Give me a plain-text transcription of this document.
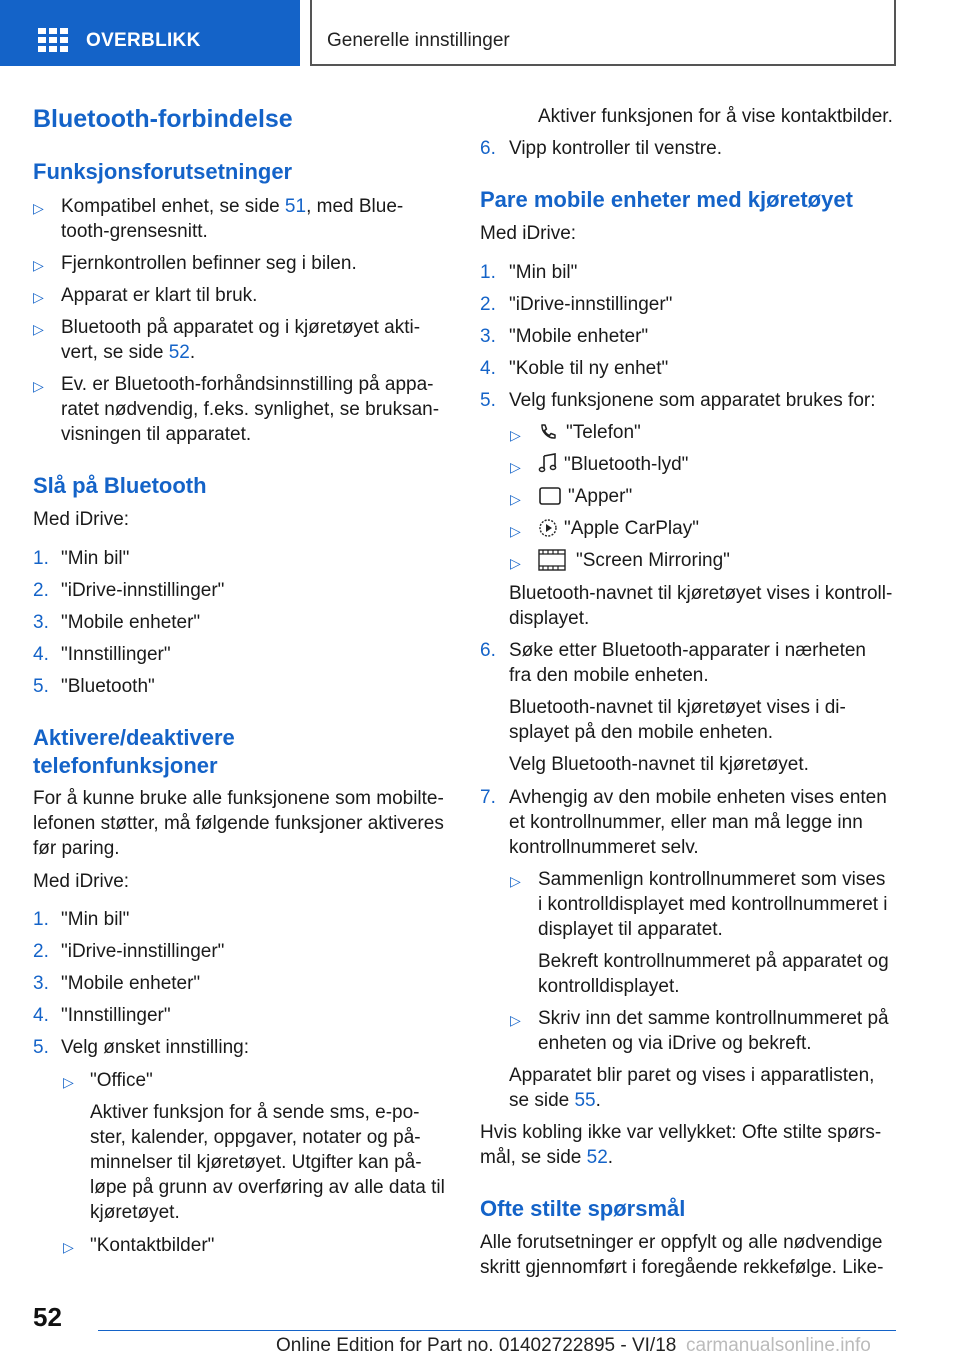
OVERBLIKK	Generelle innstillinger
Bluetooth-forbindelse
Funksjonsforutsetninger
▷ Kompatibel enhet, se side 51, med Blue-
tooth-grensesnitt.
▷ Fjernkontrollen befinner seg i bilen.
▷ Apparat er klart til bruk.
▷ Bluetooth på apparatet og i kjøretøyet akti-
vert, se side 52.
▷ Ev. er Bluetooth-forhåndsinnstilling på appa-
ratet nødvendig, f.eks. synlighet, se bruksan-
visningen til apparatet.
Slå på Bluetooth
Med iDrive:
1. "Min bil"
2. "iDrive-innstillinger"
3. "Mobile enheter"
4. "Innstillinger"
5. "Bluetooth"
Aktivere/deaktivere
telefonfunksjoner
For å kunne bruke alle funksjonene som mobilte-
lefonen støtter, må følgende funksjoner aktiveres
før paring.
Med iDrive:
1. "Min bil"
2. "iDrive-innstillinger"
3. "Mobile enheter"
4. "Innstillinger"
5. Velg ønsket innstilling:
▷ "Office"
Aktiver funksjon for å sende sms, e-po-
ster, kalender, oppgaver, notater og på-
minnelser til kjøretøyet. Utgifter kan på-
løpe på grunn av overføring av alle data til
kjøretøyet.
▷ "Kontaktbilder"
Aktiver funksjonen for å vise kontaktbilder.
6. Vipp kontroller til venstre.
Pare mobile enheter med kjøretøyet
Med iDrive:
1. "Min bil"
2. "iDrive-innstillinger"
3. "Mobile enheter"
4. "Koble til ny enhet"
5. Velg funksjonene som apparatet brukes for:
▷ "Telefon"
▷ "Bluetooth-lyd"
▷ "Apper"
▷ "Apple CarPlay"
▷	"Screen Mirroring"
Bluetooth-navnet til kjøretøyet vises i kontroll-
displayet.
6. Søke etter Bluetooth-apparater i nærheten
fra den mobile enheten.
Bluetooth-navnet til kjøretøyet vises i di-
splayet på den mobile enheten.
Velg Bluetooth-navnet til kjøretøyet.
7. Avhengig av den mobile enheten vises enten
et kontrollnummer, eller man må legge inn
kontrollnummeret selv.
▷ Sammenlign kontrollnummeret som vises
i kontrolldisplayet med kontrollnummeret i
displayet til apparatet.
Bekreft kontrollnummeret på apparatet og
kontrolldisplayet.
▷ Skriv inn det samme kontrollnummeret på
enheten og via iDrive og bekreft.
Apparatet blir paret og vises i apparatlisten,
se side 55.
Hvis kobling ikke var vellykket: Ofte stilte spørs-
mål, se side 52.
Ofte stilte spørsmål
Alle forutsetninger er oppfylt og alle nødvendige
skritt gjennomført i foregående rekkefølge. Like-
52
Online Edition for Part no. 01402722895 - VI/18 carmanualsonline.info
